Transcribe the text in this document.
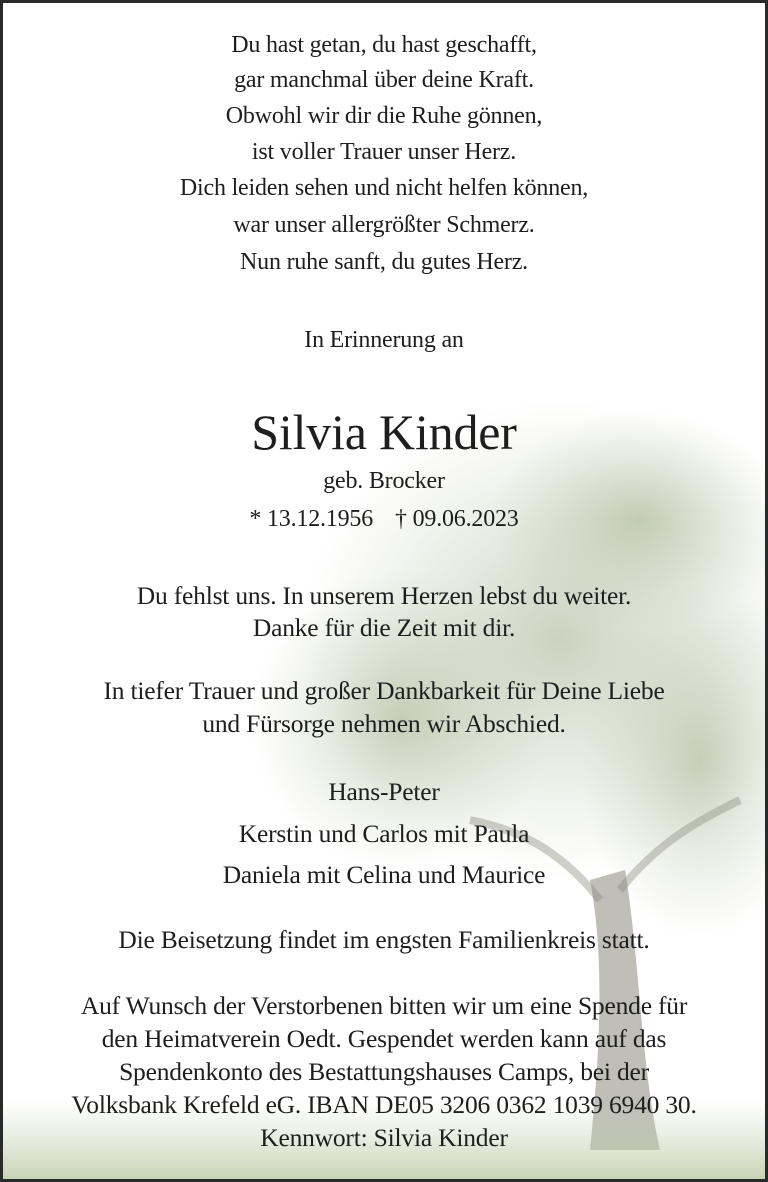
Du hast getan, du hast geschafft,
gar manchmal über deine Kraft.
Obwohl wir dir die Ruhe gönnen,
ist voller Trauer unser Herz.
Dich leiden sehen und nicht helfen können,
war unser allergrößter Schmerz.
Nun ruhe sanft, du gutes Herz.
In Erinnerung an
Silvia Kinder
geb. Brocker
* 13.12.1956 † 09.06.2023
Du fehlst uns. In unserem Herzen lebst du weiter.
Danke für die Zeit mit dir.
In tiefer Trauer und großer Dankbarkeit für Deine Liebe
und Fürsorge nehmen wir Abschied.
Hans-Peter
Kerstin und Carlos mit Paula
Daniela mit Celina und Maurice
Die Beisetzung findet im engsten Familienkreis statt.
Auf Wunsch der Verstorbenen bitten wir um eine Spende für
den Heimatverein Oedt. Gespendet werden kann auf das
Spendenkonto des Bestattungshauses Camps, bei der
Volksbank Krefeld eG. IBAN DE05 3206 0362 1039 6940 30.
Kennwort: Silvia Kinder
